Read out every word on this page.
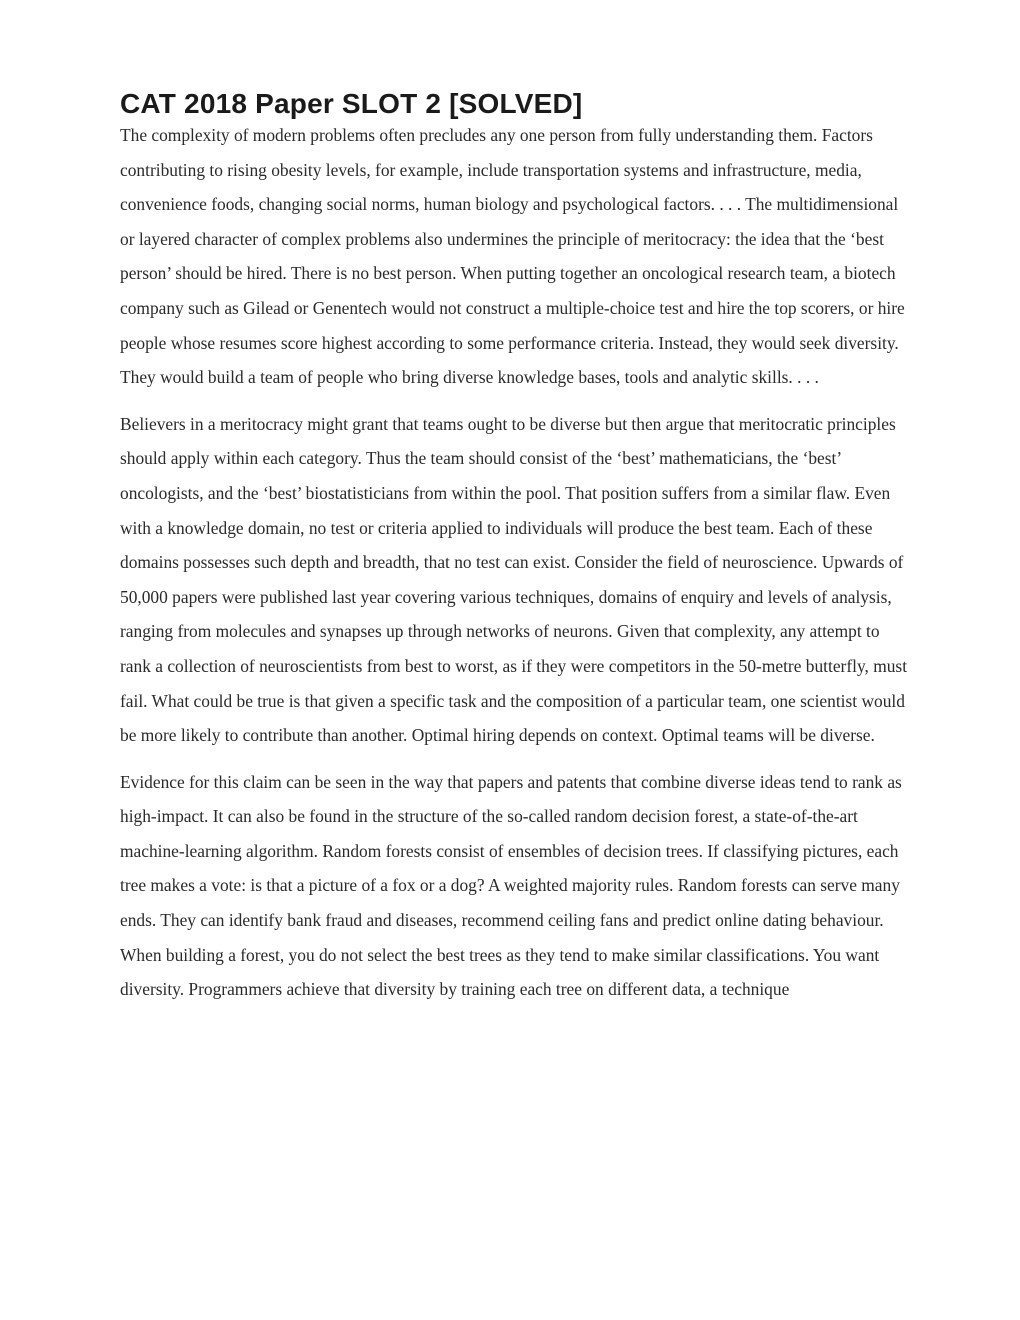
CAT 2018 Paper SLOT 2 [SOLVED]

The complexity of modern problems often precludes any one person from fully understanding them. Factors contributing to rising obesity levels, for example, include transportation systems and infrastructure, media, convenience foods, changing social norms, human biology and psychological factors. . . . The multidimensional or layered character of complex problems also undermines the principle of meritocracy: the idea that the ‘best person’ should be hired. There is no best person. When putting together an oncological research team, a biotech company such as Gilead or Genentech would not construct a multiple-choice test and hire the top scorers, or hire people whose resumes score highest according to some performance criteria. Instead, they would seek diversity. They would build a team of people who bring diverse knowledge bases, tools and analytic skills. . . .

Believers in a meritocracy might grant that teams ought to be diverse but then argue that meritocratic principles should apply within each category. Thus the team should consist of the ‘best’ mathematicians, the ‘best’ oncologists, and the ‘best’ biostatisticians from within the pool. That position suffers from a similar flaw. Even with a knowledge domain, no test or criteria applied to individuals will produce the best team. Each of these domains possesses such depth and breadth, that no test can exist. Consider the field of neuroscience. Upwards of 50,000 papers were published last year covering various techniques, domains of enquiry and levels of analysis, ranging from molecules and synapses up through networks of neurons. Given that complexity, any attempt to rank a collection of neuroscientists from best to worst, as if they were competitors in the 50-metre butterfly, must fail. What could be true is that given a specific task and the composition of a particular team, one scientist would be more likely to contribute than another. Optimal hiring depends on context. Optimal teams will be diverse.

Evidence for this claim can be seen in the way that papers and patents that combine diverse ideas tend to rank as high-impact. It can also be found in the structure of the so-called random decision forest, a state-of-the-art machine-learning algorithm. Random forests consist of ensembles of decision trees. If classifying pictures, each tree makes a vote: is that a picture of a fox or a dog? A weighted majority rules. Random forests can serve many ends. They can identify bank fraud and diseases, recommend ceiling fans and predict online dating behaviour. When building a forest, you do not select the best trees as they tend to make similar classifications. You want diversity. Programmers achieve that diversity by training each tree on different data, a technique
